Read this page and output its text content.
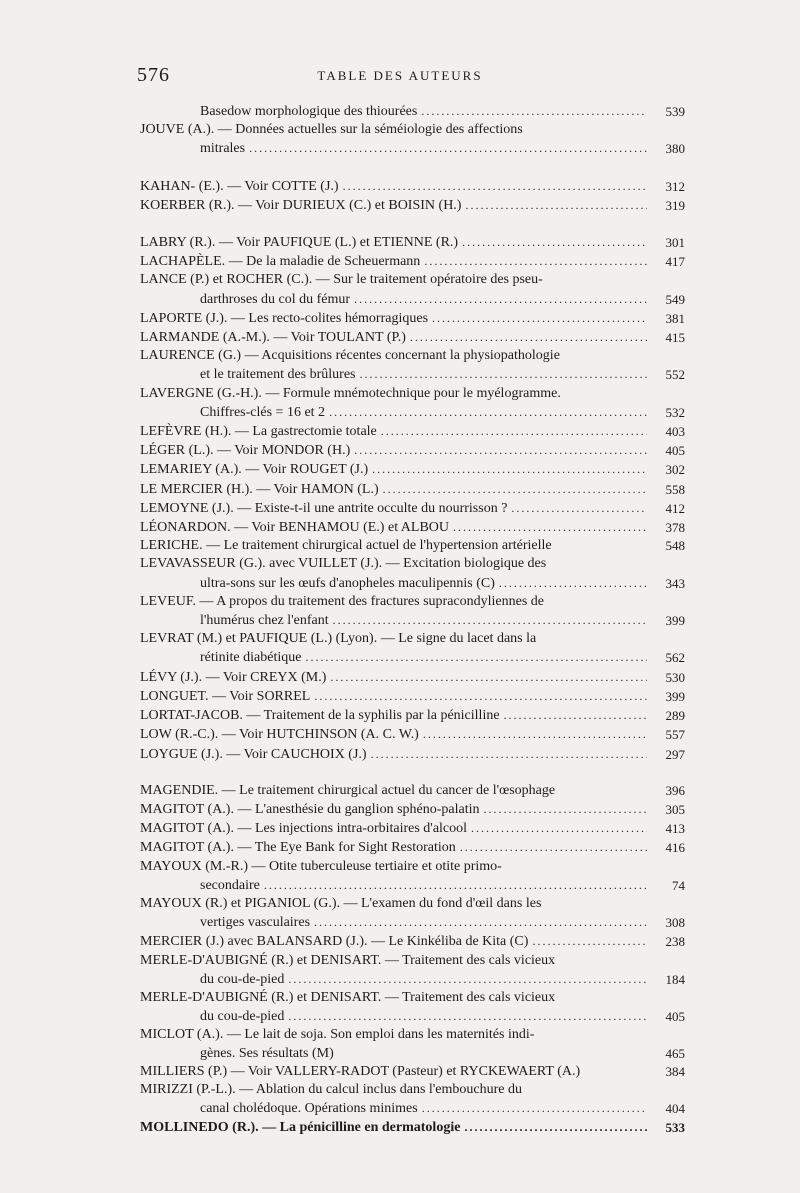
576	TABLE DES AUTEURS
Basedow morphologique des thiourées .....	539
JOUVE (A.). — Données actuelles sur la séméiologie des affections
mitrales .....	380
KAHAN- (E.). — Voir COTTE (J.) .....	312
KOERBER (R.). — Voir DURIEUX (C.) et BOISIN (H.) .....	319
LABRY (R.). — Voir PAUFIQUE (L.) et ETIENNE (R.) .....	301
LACHAPÈLE. — De la maladie de Scheuermann .....	417
LANCE (P.) et ROCHER (C.). — Sur le traitement opératoire des pseu-
darthroses du col du fémur .....	549
LAPORTE (J.). — Les recto-colites hémorragiques .....	381
LARMANDE (A.-M.). — Voir TOULANT (P.) .....	415
LAURENCE (G.) — Acquisitions récentes concernant la physiopathologie
et le traitement des brûlures .....	552
LAVERGNE (G.-H.). — Formule mnémotechnique pour le myélogramme.
Chiffres-clés = 16 et 2 .....	532
LEFÈVRE (H.). — La gastrectomie totale .....	403
LÉGER (L.). — Voir MONDOR (H.) .....	405
LEMARIEY (A.). — Voir ROUGET (J.) .....	302
LE MERCIER (H.). — Voir HAMON (L.) .....	558
LEMOYNE (J.). — Existe-t-il une antrite occulte du nourrisson ? .....	412
LÉONARDON. — Voir BENHAMOU (E.) et ALBOU .....	378
LERICHE. — Le traitement chirurgical actuel de l'hypertension artérielle	548
LEVAVASSEUR (G.). avec VUILLET (J.). — Excitation biologique des
ultra-sons sur les œufs d'anopheles maculipennis (C) .....	343
LEVEUF. — A propos du traitement des fractures supracondyliennes de
l'humérus chez l'enfant .....	399
LEVRAT (M.) et PAUFIQUE (L.) (Lyon). — Le signe du lacet dans la
rétinite diabétique .....	562
LÉVY (J.). — Voir CREYX (M.) .....	530
LONGUET. — Voir SORREL .....	399
LORTAT-JACOB. — Traitement de la syphilis par la pénicilline .....	289
LOW (R.-C.). — Voir HUTCHINSON (A. C. W.) .....	557
LOYGUE (J.). — Voir CAUCHOIX (J.) .....	297
MAGENDIE. — Le traitement chirurgical actuel du cancer de l'œsophage	396
MAGITOT (A.). — L'anesthésie du ganglion sphéno-palatin .....	305
MAGITOT (A.). — Les injections intra-orbitaires d'alcool .....	413
MAGITOT (A.). — The Eye Bank for Sight Restoration .....	416
MAYOUX (M.-R.) — Otite tuberculeuse tertiaire et otite primo-
secondaire .....	74
MAYOUX (R.) et PIGANIOL (G.). — L'examen du fond d'œil dans les
vertiges vasculaires .....	308
MERCIER (J.) avec BALANSARD (J.). — Le Kinkéliba de Kita (C) .....	238
MERLE-D'AUBIGNÉ (R.) et DENISART. — Traitement des cals vicieux
du cou-de-pied .....	184
MERLE-D'AUBIGNÉ (R.) et DENISART. — Traitement des cals vicieux
du cou-de-pied .....	405
MICLOT (A.). — Le lait de soja. Son emploi dans les maternités indi-
gènes. Ses résultats (M)	465
MILLIERS (P.) — Voir VALLERY-RADOT (Pasteur) et RYCKEWAERT (A.)	384
MIRIZZI (P.-L.). — Ablation du calcul inclus dans l'embouchure du
canal cholédoque. Opérations minimes .....	404
MOLLINEDO (R.). — La pénicilline en dermatologie .....	533
